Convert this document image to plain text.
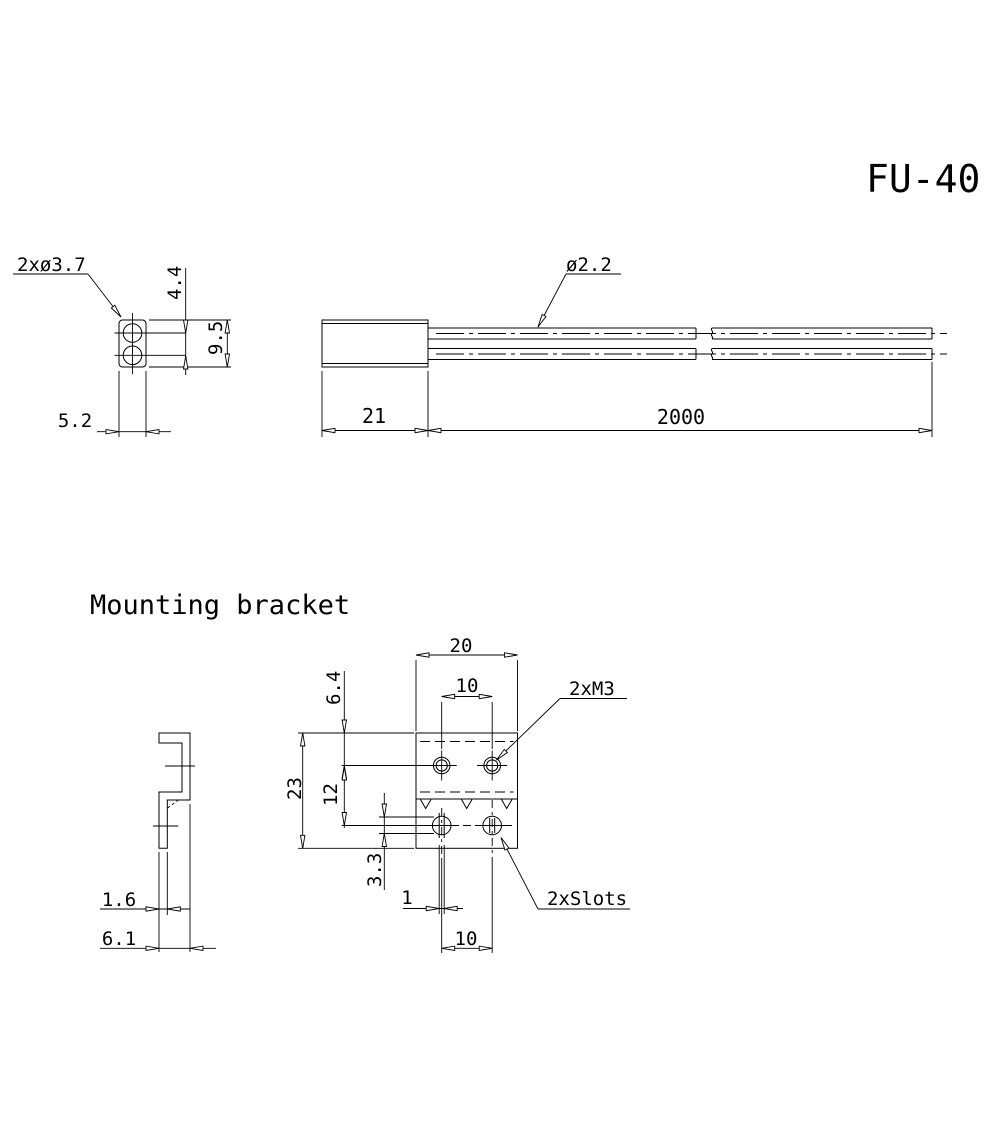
FU-40
4.4
9.5
2xø3.7
5.2
ø2.2
21	2000
Mounting bracket
1.6
6.1
20
10
6.4
12
23
3.3
1
10
2xM3
2xSlots
